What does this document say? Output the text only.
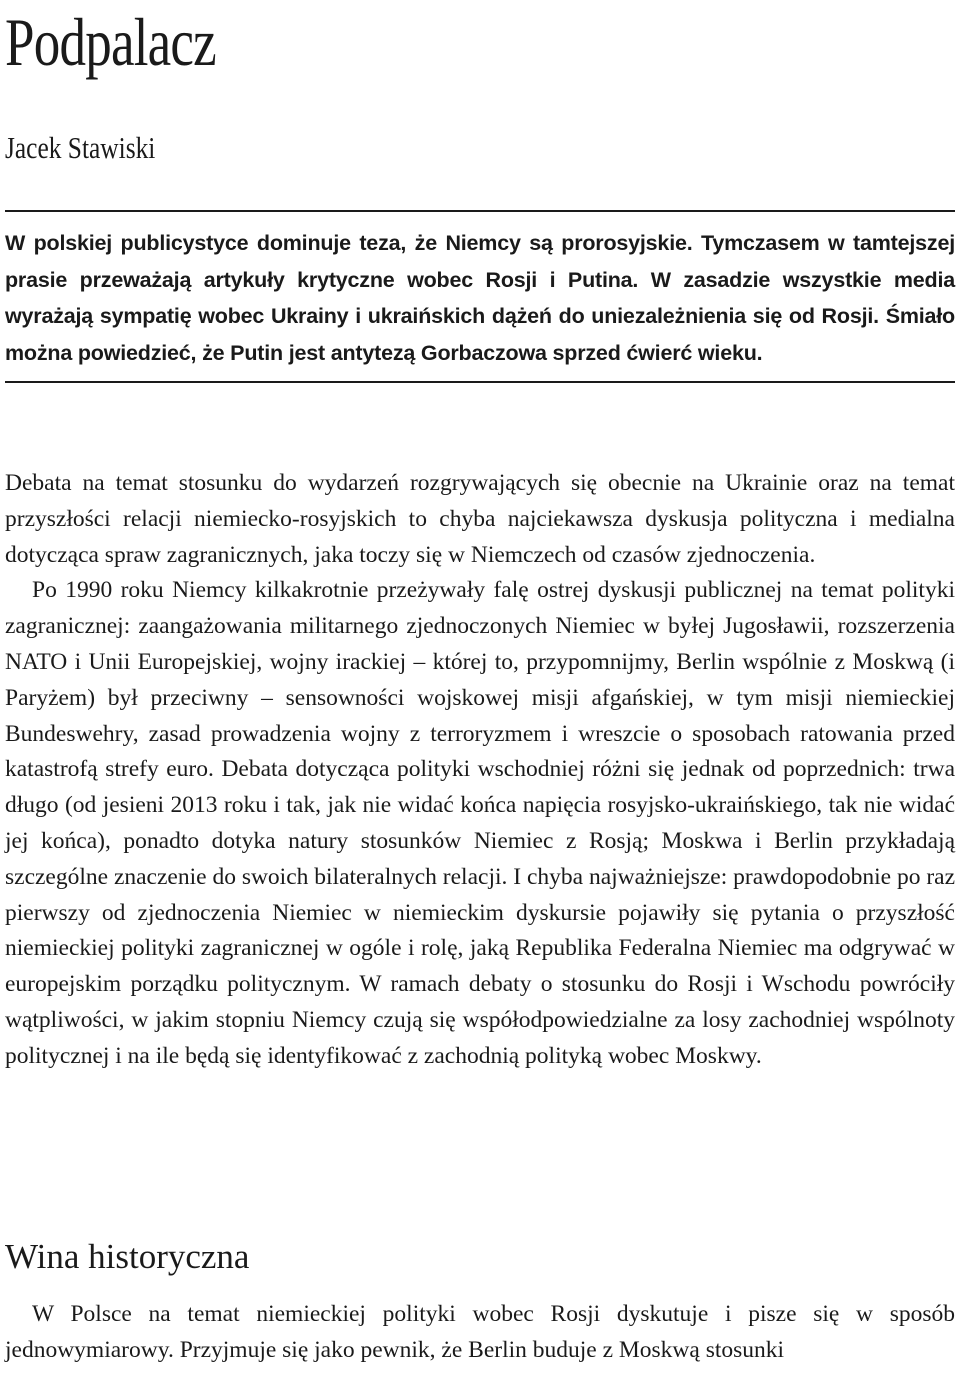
Podpalacz
Jacek Stawiski

W polskiej publicystyce dominuje teza, że Niemcy są prorosyjskie. Tymczasem w tamtejszej prasie przeważają artykuły krytyczne wobec Rosji i Putina. W zasadzie wszystkie media wyrażają sympatię wobec Ukrainy i ukraińskich dążeń do uniezależnienia się od Rosji. Śmiało można powiedzieć, że Putin jest antytezą Gorbaczowa sprzed ćwierć wieku.

Debata na temat stosunku do wydarzeń rozgrywających się obecnie na Ukrainie oraz na temat przyszłości relacji niemiecko-rosyjskich to chyba najciekawsza dyskusja polityczna i medialna dotycząca spraw zagranicznych, jaka toczy się w Niemczech od czasów zjednoczenia.

Po 1990 roku Niemcy kilkakrotnie przeżywały falę ostrej dyskusji publicznej na temat polityki zagranicznej: zaangażowania militarnego zjednoczonych Niemiec w byłej Jugosławii, rozszerzenia NATO i Unii Europejskiej, wojny irackiej – której to, przypomnijmy, Berlin wspólnie z Moskwą (i Paryżem) był przeciwny – sensowności wojskowej misji afgańskiej, w tym misji niemieckiej Bundeswehry, zasad prowadzenia wojny z terroryzmem i wreszcie o sposobach ratowania przed katastrofą strefy euro. Debata dotycząca polityki wschodniej różni się jednak od poprzednich: trwa długo (od jesieni 2013 roku i tak, jak nie widać końca napięcia rosyjsko-ukraińskiego, tak nie widać jej końca), ponadto dotyka natury stosunków Niemiec z Rosją; Moskwa i Berlin przykładają szczególne znaczenie do swoich bilateralnych relacji. I chyba najważniejsze: prawdopodobnie po raz pierwszy od zjednoczenia Niemiec w niemieckim dyskursie pojawiły się pytania o przyszłość niemieckiej polityki zagranicznej w ogóle i rolę, jaką Republika Federalna Niemiec ma odgrywać w europejskim porządku politycznym. W ramach debaty o stosunku do Rosji i Wschodu powróciły wątpliwości, w jakim stopniu Niemcy czują się współodpowiedzialne za losy zachodniej wspólnoty politycznej i na ile będą się identyfikować z zachodnią polityką wobec Moskwy.

Wina historyczna

W Polsce na temat niemieckiej polityki wobec Rosji dyskutuje i pisze się w sposób jednowymiarowy. Przyjmuje się jako pewnik, że Berlin buduje z Moskwą stosunki
